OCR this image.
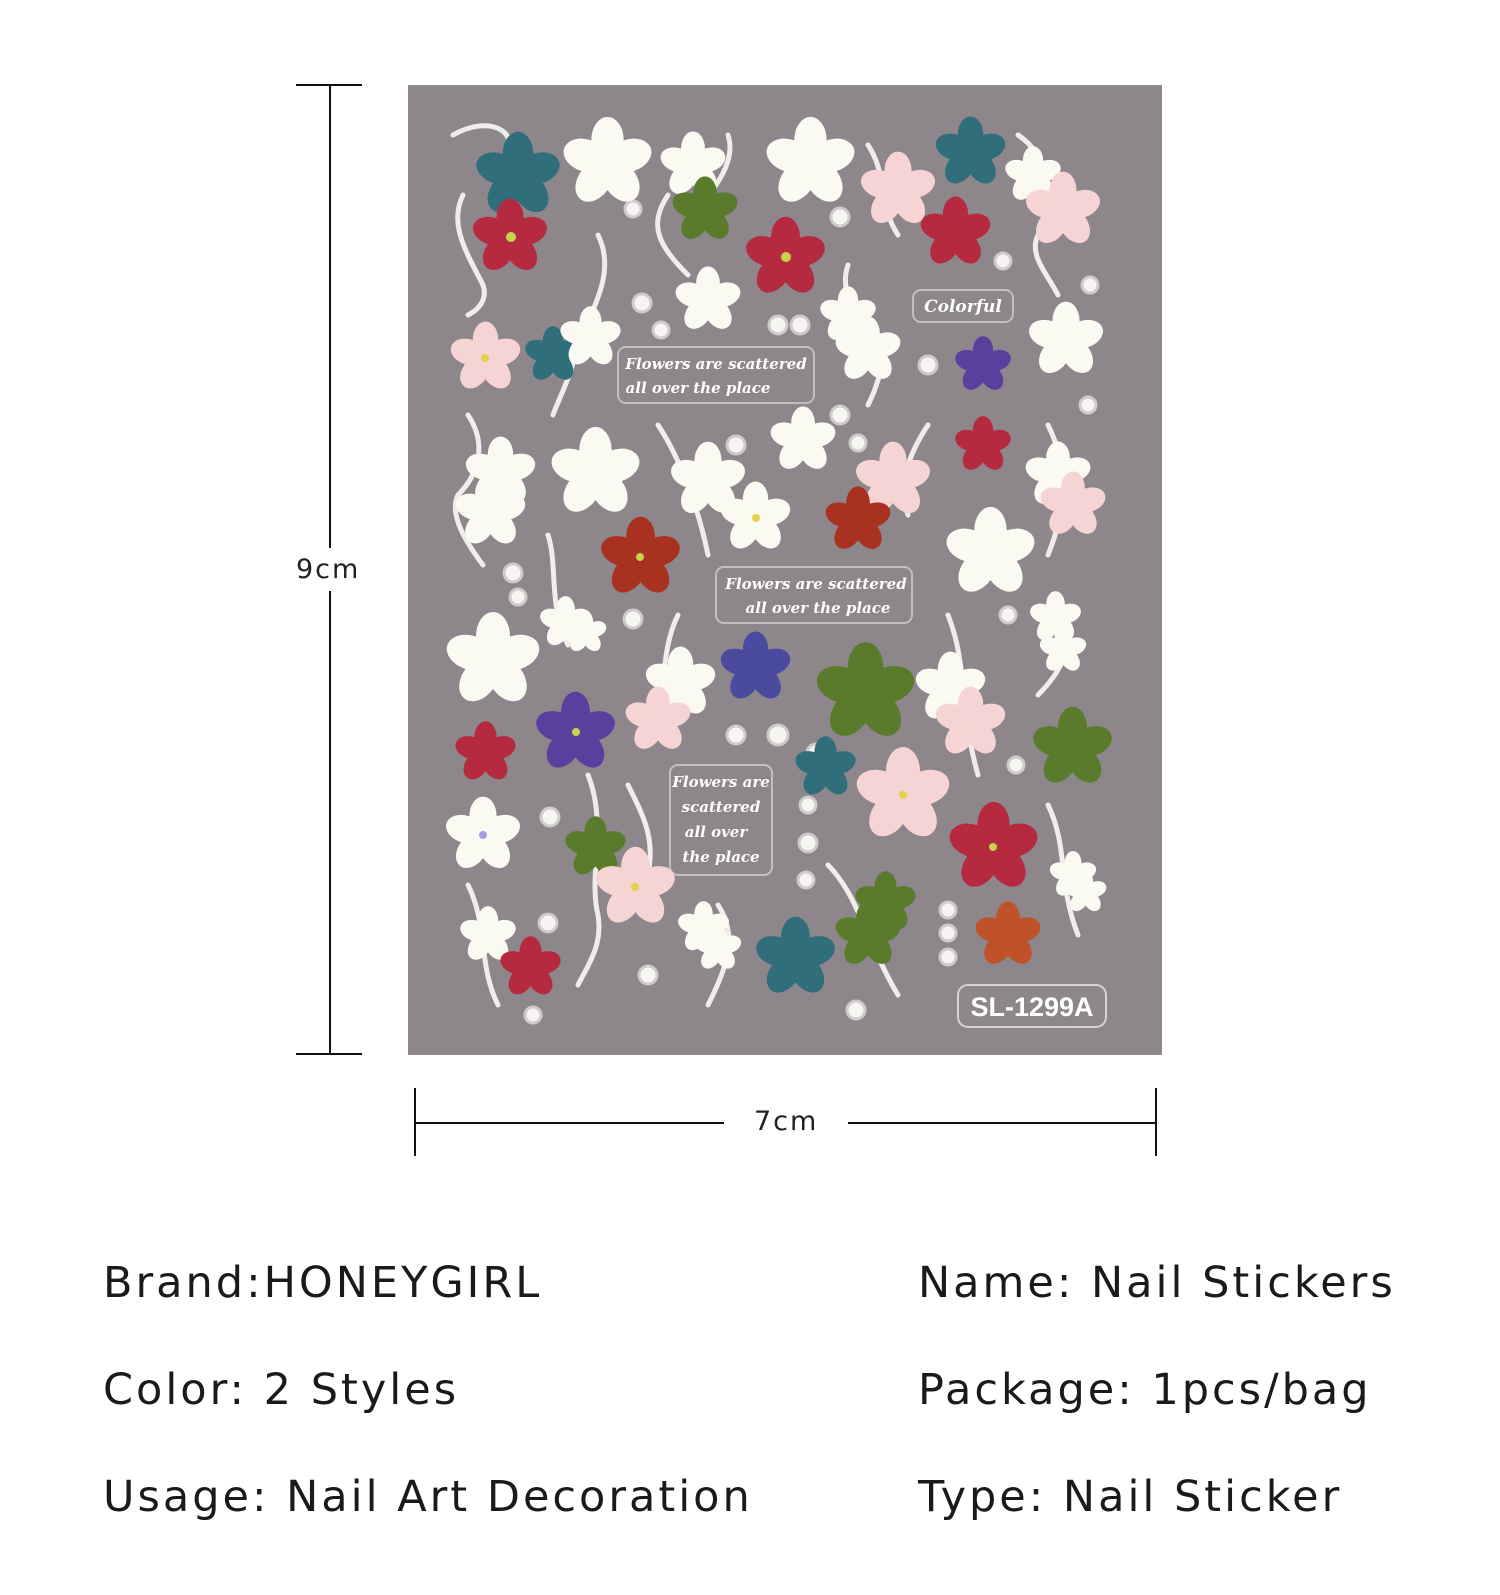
9cm
Flowers are scattered
all over the place
Colorful
Flowers are scattered
all over the place
Flowers are
scattered
all over
the place
SL-1299A
7cm
Brand:HONEYGIRL
Color: 2 Styles
Usage: Nail Art Decoration
Name: Nail Stickers
Package: 1pcs/bag
Type: Nail Sticker
